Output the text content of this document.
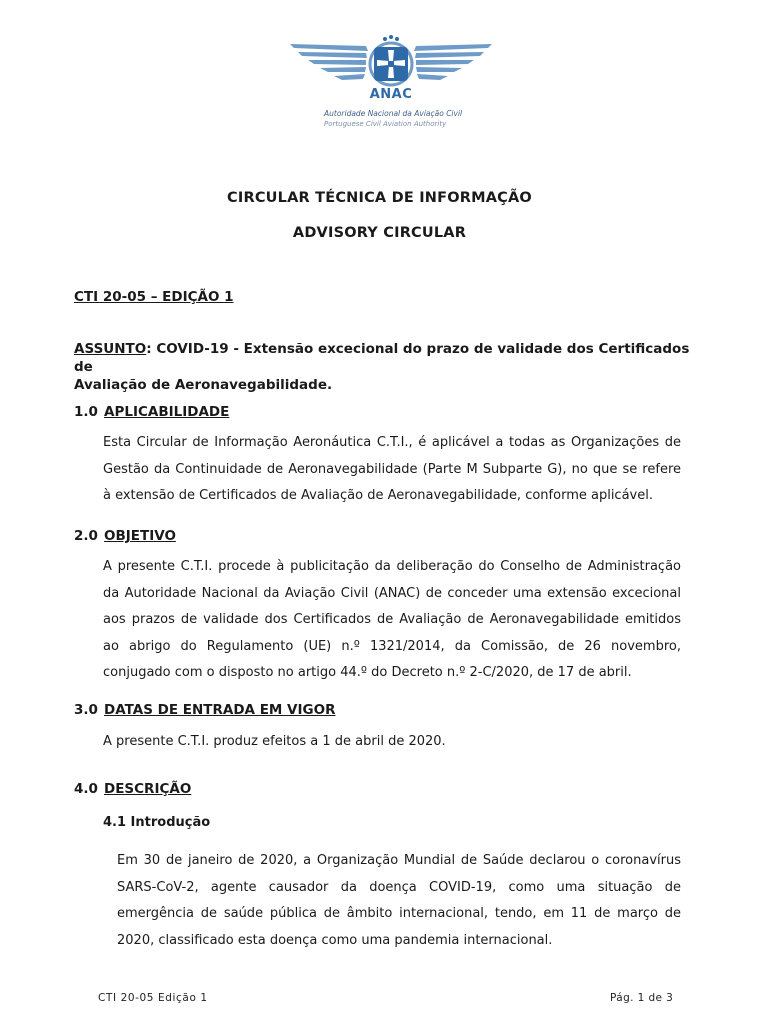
ANAC
Autoridade Nacional da Aviação Civil
Portuguese Civil Aviation Authority
CIRCULAR TÉCNICA DE INFORMAÇÃO
ADVISORY CIRCULAR
CTI 20-05 – EDIÇÃO 1
ASSUNTO: COVID-19 - Extensão excecional do prazo de validade dos Certificados de
Avaliação de Aeronavegabilidade.
1.0 APLICABILIDADE
Esta Circular de Informação Aeronáutica C.T.I., é aplicável a todas as Organizações de
Gestão da Continuidade de Aeronavegabilidade (Parte M Subparte G), no que se refere
à extensão de Certificados de Avaliação de Aeronavegabilidade, conforme aplicável.
2.0 OBJETIVO
A presente C.T.I. procede à publicitação da deliberação do Conselho de Administração
da Autoridade Nacional da Aviação Civil (ANAC) de conceder uma extensão excecional
aos prazos de validade dos Certificados de Avaliação de Aeronavegabilidade emitidos
ao abrigo do Regulamento (UE) n.º 1321/2014, da Comissão, de 26 novembro,
conjugado com o disposto no artigo 44.º do Decreto n.º 2-C/2020, de 17 de abril.
3.0 DATAS DE ENTRADA EM VIGOR
A presente C.T.I. produz efeitos a 1 de abril de 2020.
4.0 DESCRIÇÃO
4.1 Introdução
Em 30 de janeiro de 2020, a Organização Mundial de Saúde declarou o coronavírus
SARS-CoV-2, agente causador da doença COVID-19, como uma situação de
emergência de saúde pública de âmbito internacional, tendo, em 11 de março de
2020, classificado esta doença como uma pandemia internacional.
CTI 20-05 Edição 1	Pág. 1 de 3
